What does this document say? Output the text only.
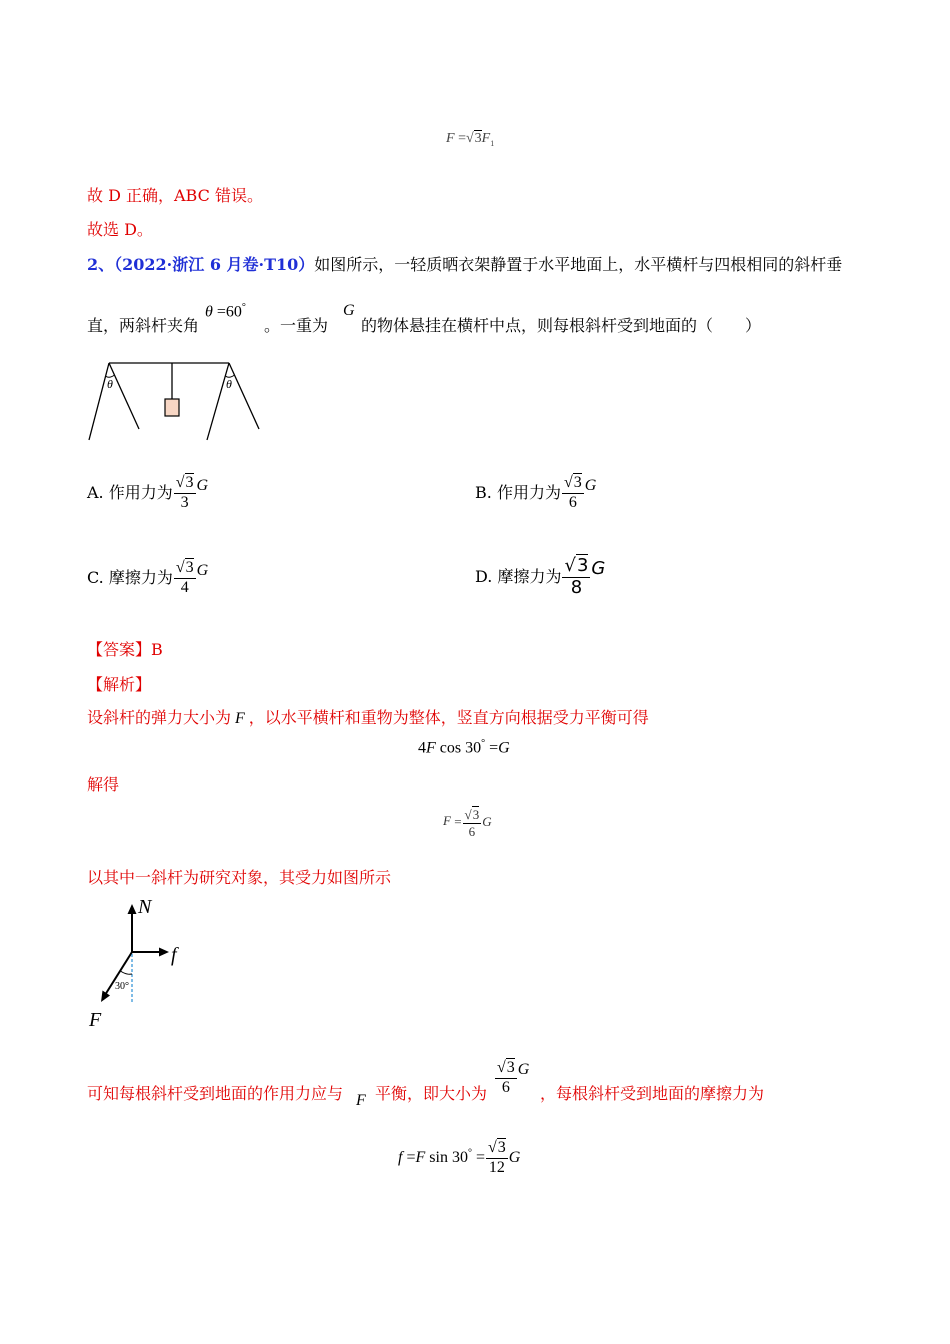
$F =√3F_1$
故 D 正确，ABC 错误。
故选 D。
2、（2022·浙江 6 月卷·T10）如图所示，一轻质晒衣架静置于水平地面上，水平横杆与四根相同的斜杆垂
直，两斜杆夹角
θ =60°
。一重为
G
的物体悬挂在横杆中点，则每根斜杆受到地面的（　　）
θ	θ
A. 作用力为 $\frac{√3}{3}$ G	B. 作用力为 $\frac{√3}{6}$ G
C. 摩擦力为 $\frac{√3}{4}$ G	D. 摩擦力为 $\frac{√3}{8}$ G
【答案】B
【解析】
设斜杆的弹力大小为 F ，以水平横杆和重物为整体，竖直方向根据受力平衡可得
4F cos 30° =G
解得
$F = \frac{√3}{6}$ G
以其中一斜杆为研究对象，其受力如图所示
N
f
F
30°
可知每根斜杆受到地面的作用力应与 F 平衡，即大小为 $\frac{√3}{6}$ G
，每根斜杆受到地面的摩擦力为
f =F $\sin 30^\circ = \frac{√3}{12}$ G
